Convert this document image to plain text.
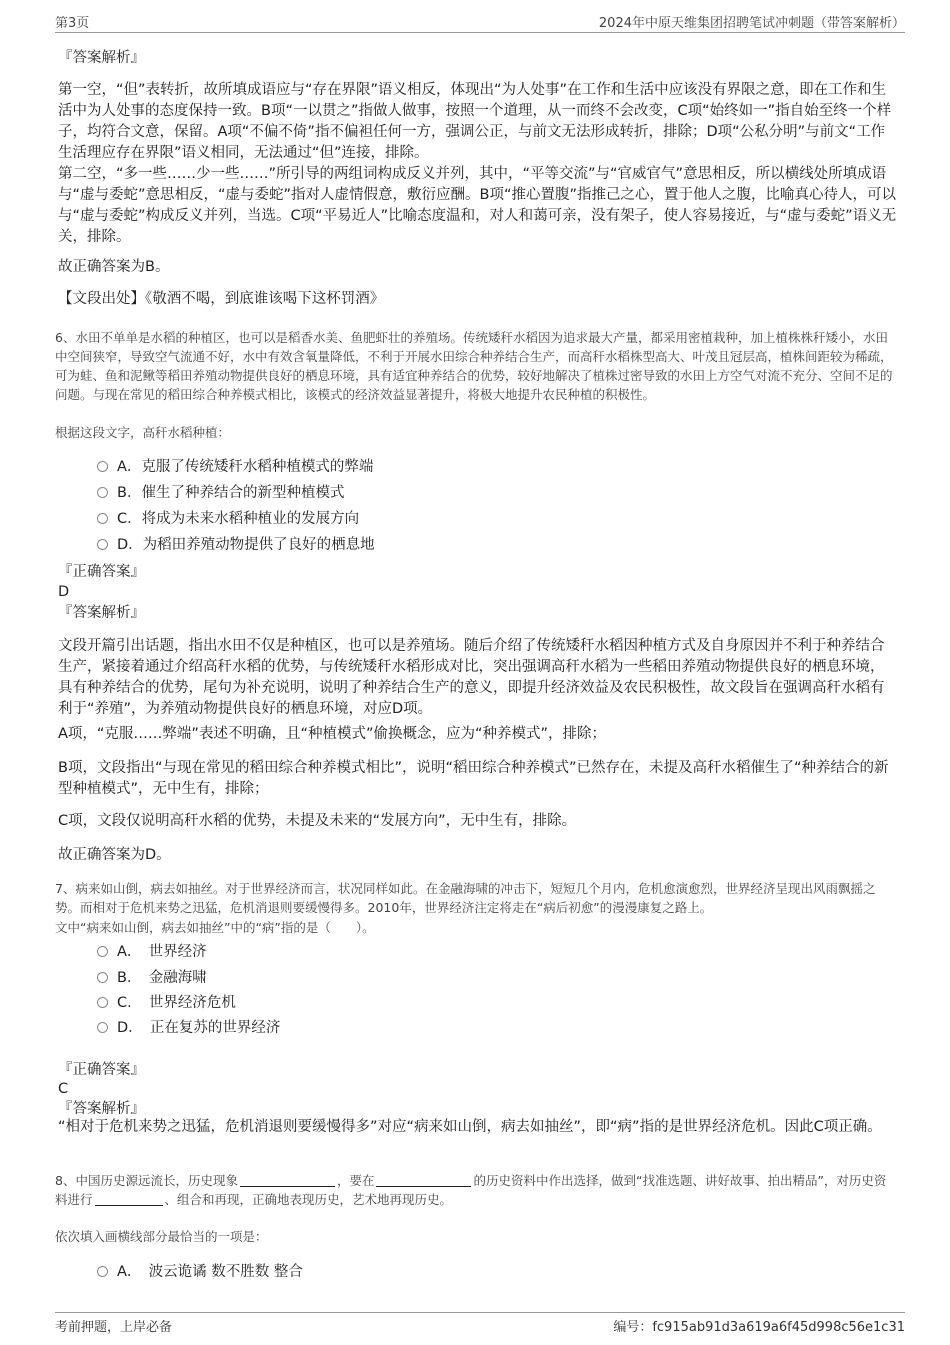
第3页	2024年中原天维集团招聘笔试冲刺题（带答案解析）

『答案解析』

第一空，“但”表转折，故所填成语应与“存在界限”语义相反，体现出“为人处事”在工作和生活中应该没有界限之意，即在工作和生活中为人处事的态度保持一致。B项“一以贯之”指做人做事，按照一个道理，从一而终不会改变，C项“始终如一”指自始至终一个样子，均符合文意，保留。A项“不偏不倚”指不偏袒任何一方，强调公正，与前文无法形成转折，排除；D项“公私分明”与前文“工作生活理应存在界限”语义相同，无法通过“但”连接，排除。

第二空，“多一些……少一些……”所引导的两组词构成反义并列，其中，“平等交流”与“官威官气”意思相反，所以横线处所填成语与“虚与委蛇”意思相反，“虚与委蛇”指对人虚情假意，敷衍应酬。B项“推心置腹”指推己之心，置于他人之腹，比喻真心待人，可以与“虚与委蛇”构成反义并列，当选。C项“平易近人”比喻态度温和，对人和蔼可亲，没有架子，使人容易接近，与“虚与委蛇”语义无关，排除。

故正确答案为B。

【文段出处】《敬酒不喝，到底谁该喝下这杯罚酒》

6、水田不单单是水稻的种植区，也可以是稻香水美、鱼肥虾壮的养殖场。传统矮秆水稻因为追求最大产量，都采用密植栽种，加上植株株秆矮小，水田中空间狭窄，导致空气流通不好，水中有效含氧量降低，不利于开展水田综合种养结合生产，而高秆水稻株型高大、叶茂且冠层高，植株间距较为稀疏，可为蛙、鱼和泥鳅等稻田养殖动物提供良好的栖息环境，具有适宜种养结合的优势，较好地解决了植株过密导致的水田上方空气对流不充分、空间不足的问题。与现在常见的稻田综合种养模式相比，该模式的经济效益显著提升，将极大地提升农民种植的积极性。

根据这段文字，高秆水稻种植：

A．克服了传统矮秆水稻种植模式的弊端
B．催生了种养结合的新型种植模式
C．将成为未来水稻种植业的发展方向
D．为稻田养殖动物提供了良好的栖息地

『正确答案』

D

『答案解析』

文段开篇引出话题，指出水田不仅是种植区，也可以是养殖场。随后介绍了传统矮秆水稻因种植方式及自身原因并不利于种养结合生产，紧接着通过介绍高秆水稻的优势，与传统矮秆水稻形成对比，突出强调高秆水稻为一些稻田养殖动物提供良好的栖息环境，具有种养结合的优势，尾句为补充说明，说明了种养结合生产的意义，即提升经济效益及农民积极性，故文段旨在强调高秆水稻有利于“养殖”，为养殖动物提供良好的栖息环境，对应D项。

A项，“克服……弊端”表述不明确，且“种植模式”偷换概念，应为“种养模式”，排除；

B项，文段指出“与现在常见的稻田综合种养模式相比”，说明“稻田综合种养模式”已然存在，未提及高秆水稻催生了“种养结合的新型种植模式”，无中生有，排除；

C项，文段仅说明高秆水稻的优势，未提及未来的“发展方向”，无中生有，排除。

故正确答案为D。

7、病来如山倒，病去如抽丝。对于世界经济而言，状况同样如此。在金融海啸的冲击下，短短几个月内，危机愈演愈烈，世界经济呈现出风雨飘摇之势。而相对于危机来势之迅猛，危机消退则要缓慢得多。2010年，世界经济注定将走在“病后初愈”的漫漫康复之路上。

文中“病来如山倒，病去如抽丝”中的“病”指的是（　　）。

A．　世界经济
B．　金融海啸
C．　世界经济危机
D．　正在复苏的世界经济

『正确答案』

C

『答案解析』

“相对于危机来势之迅猛，危机消退则要缓慢得多”对应“病来如山倒，病去如抽丝”，即“病”指的是世界经济危机。因此C项正确。

8、中国历史源远流长，历史现象	，要在	的历史资料中作出选择，做到“找准选题、讲好故事、拍出精品”，对历史资料进行	、组合和再现，正确地表现历史，艺术地再现历史。

依次填入画横线部分最恰当的一项是：

A．　波云诡谲 数不胜数 整合
考前押题，上岸必备	编号：fc915ab91d3a619a6f45d998c56e1c31
